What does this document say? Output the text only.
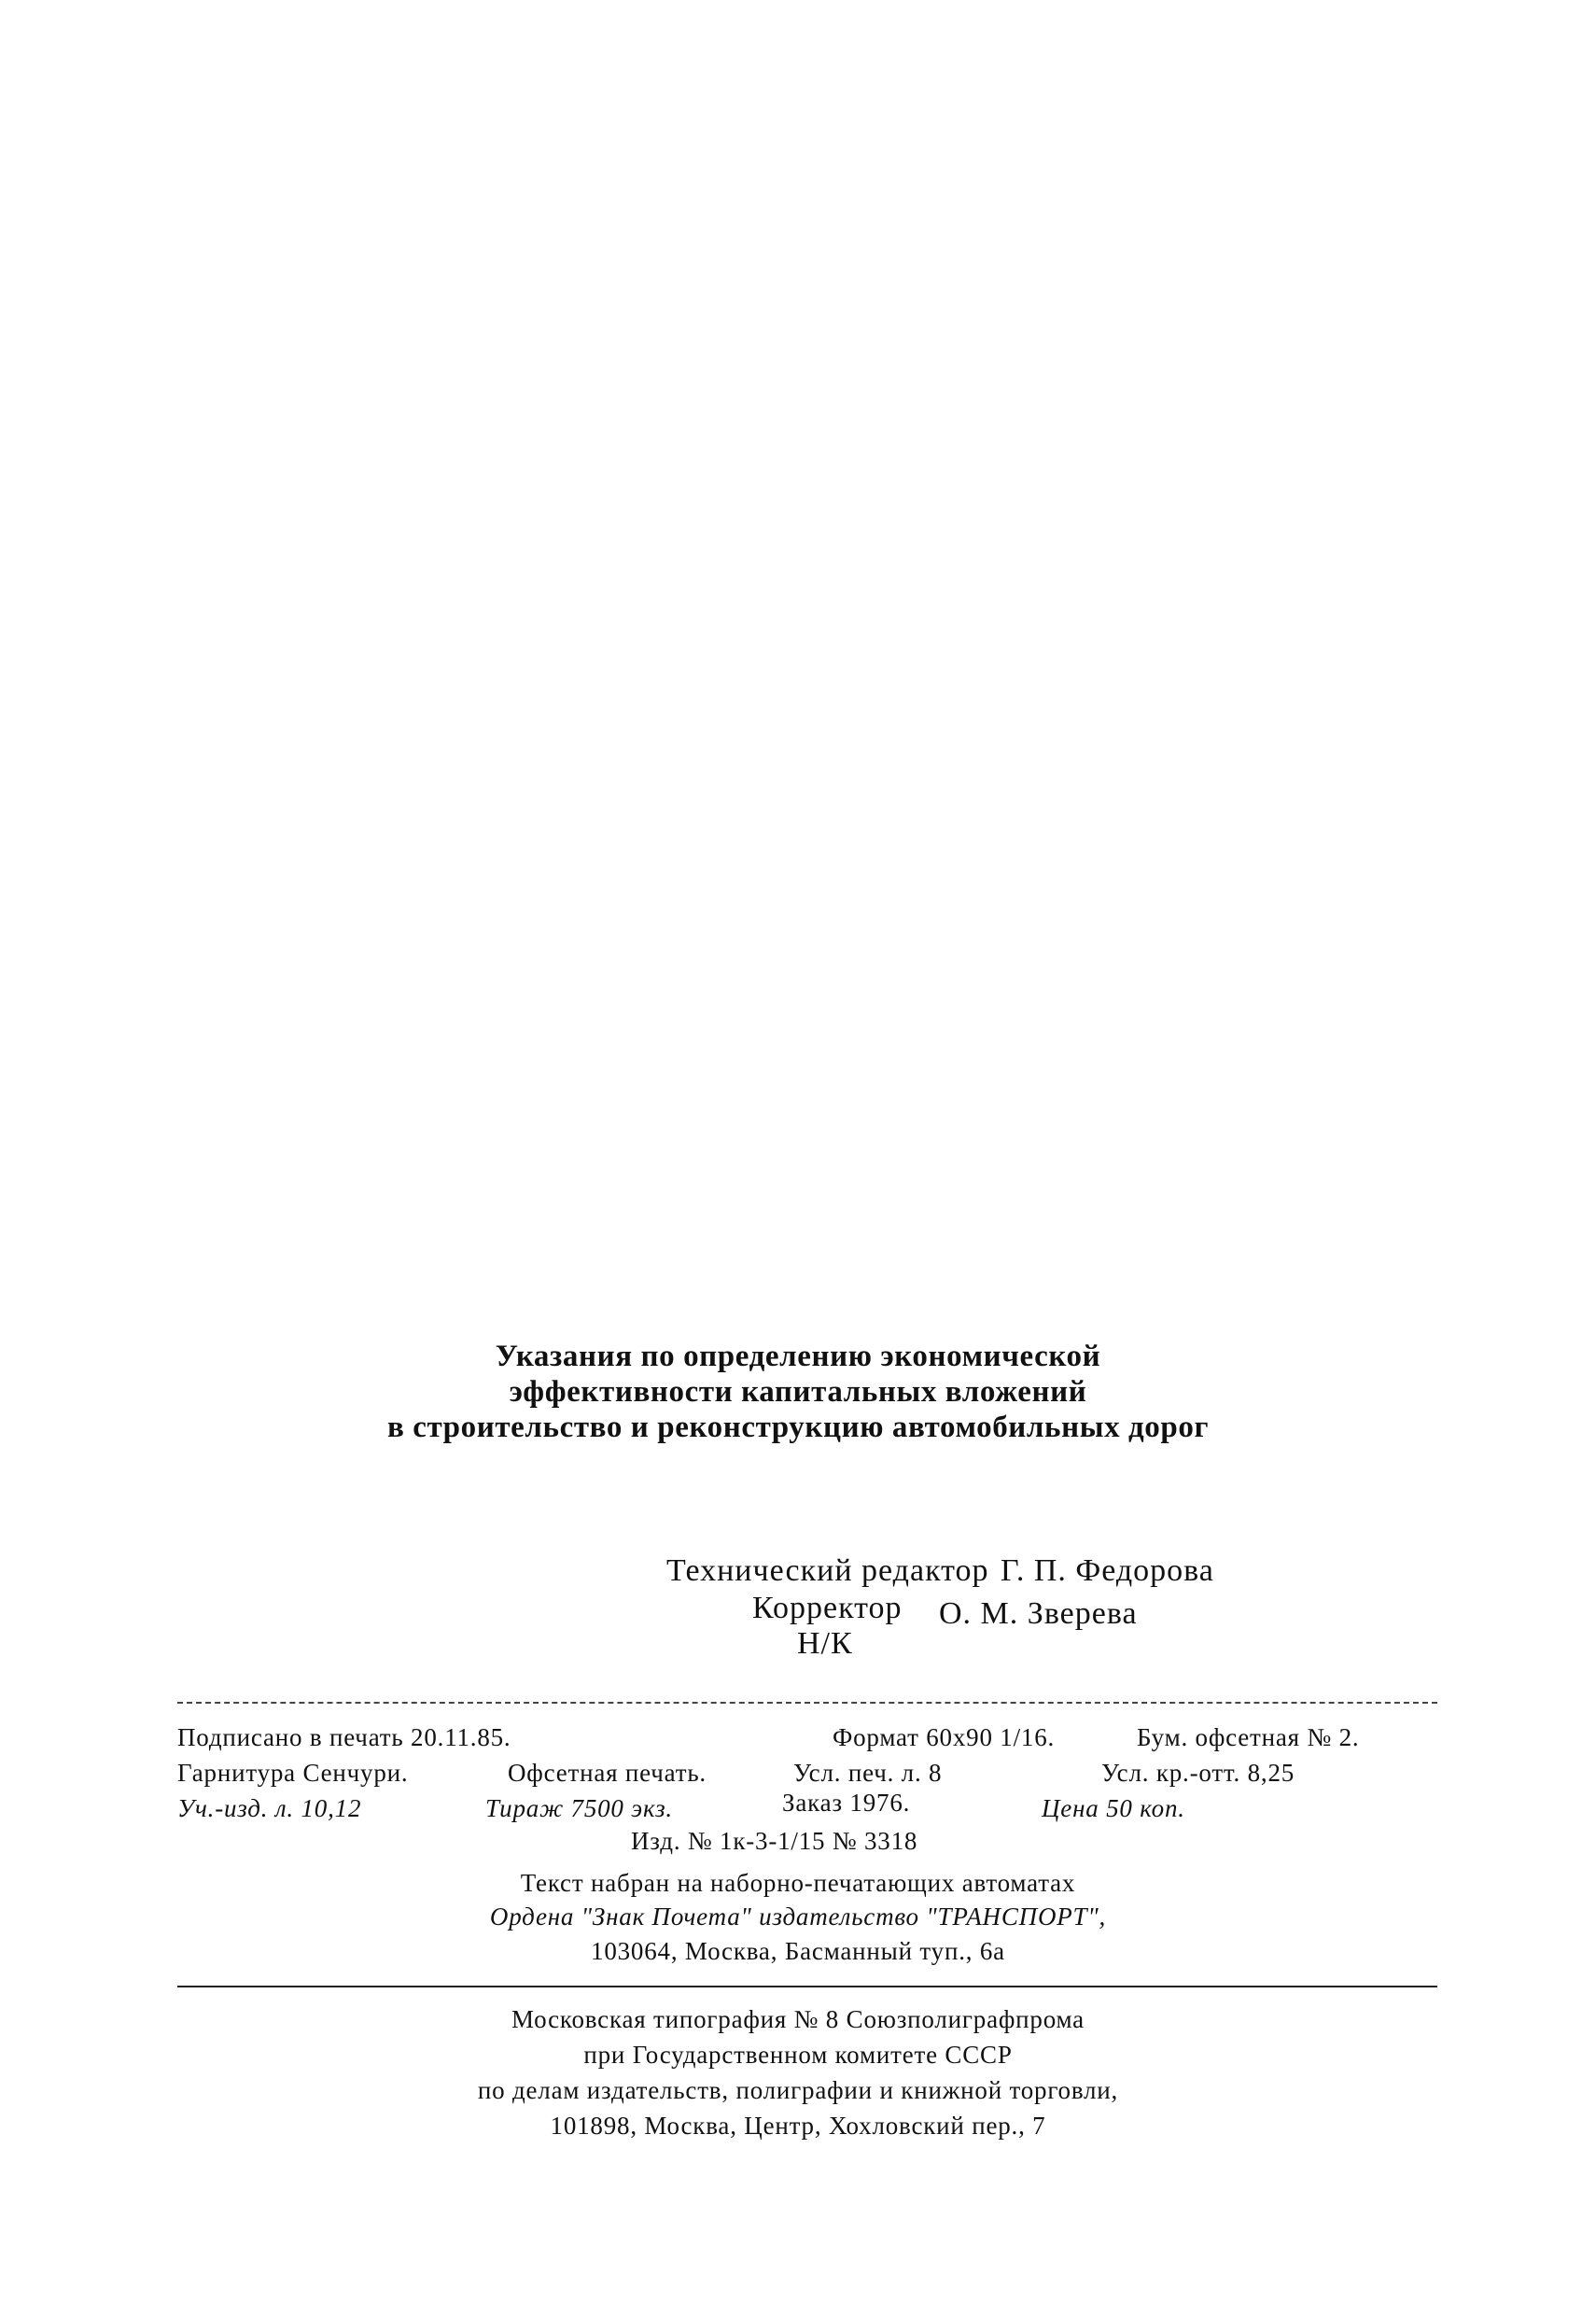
Указания по определению экономической
эффективности капитальных вложений
в строительство и реконструкцию автомобильных дорог
Технический редактор Г. П. Федорова
Корректор О. М. Зверева
Н/К
Подписано в печать 20.11.85.	Формат 60x90 1/16.	Бум. офсетная № 2.
Гарнитура Сенчури.	Офсетная печать.	Усл. печ. л. 8	Усл. кр.-отт. 8,25
Уч.-изд. л. 10,12	Тираж 7500 экз.	Заказ 1976.	Цена 50 коп.
Изд. № 1к-3-1/15 № 3318
Текст набран на наборно-печатающих автоматах
Ордена "Знак Почета" издательство "ТРАНСПОРТ",
103064, Москва, Басманный туп., 6а
Московская типография № 8 Союзполиграфпрома
при Государственном комитете СССР
по делам издательств, полиграфии и книжной торговли,
101898, Москва, Центр, Хохловский пер., 7
